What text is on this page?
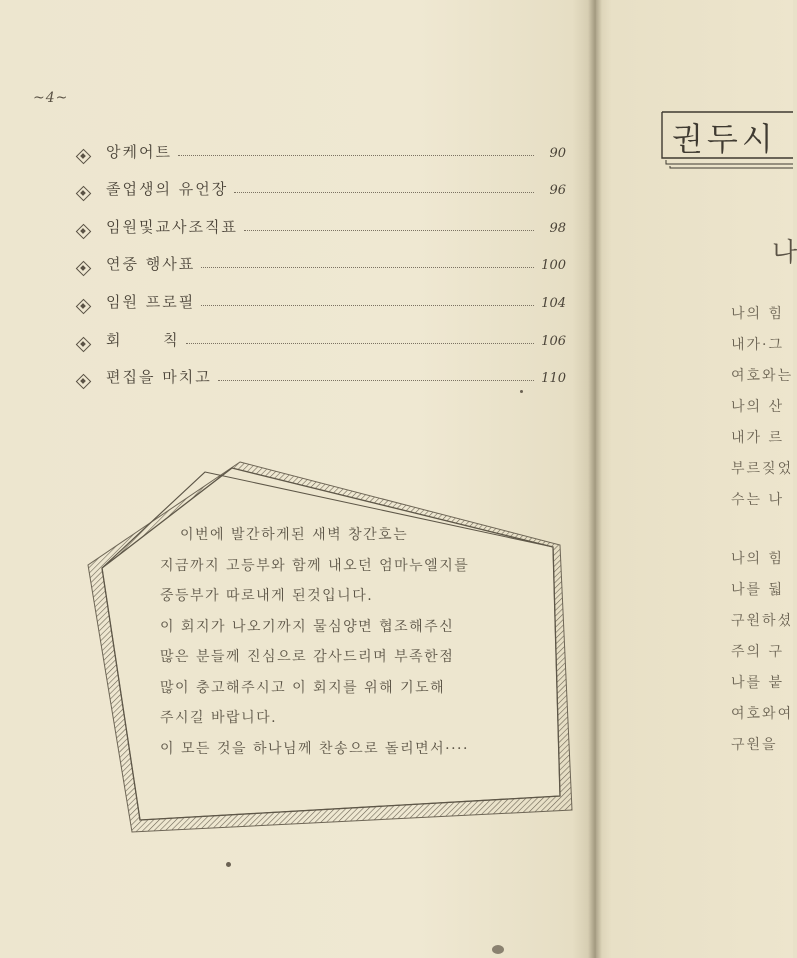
~4~
앙케어트	90
졸업생의 유언장	96
임원및교사조직표	98
연중 행사표	100
임원 프로필	104
회      칙	106
편집을 마치고	110
이번에 발간하게된 새벽 창간호는
지금까지 고등부와 함께 내오던 엄마누엘지를
중등부가 따로내게 된것입니다.
이 회지가 나오기까지 물심양면 협조해주신
많은 분들께 진심으로 감사드리며 부족한점
많이 충고해주시고 이 회지를 위해 기도해
주시길 바랍니다.
이 모든 것을 하나님께 찬송으로 돌리면서····
권두시
나
나의 힘
내가·그
여호와는
나의 산
내가 르
부르짖었
수는 나
나의 힘
나를 둷
구원하셨
주의 구
나를 붙
여호와여
구원을
